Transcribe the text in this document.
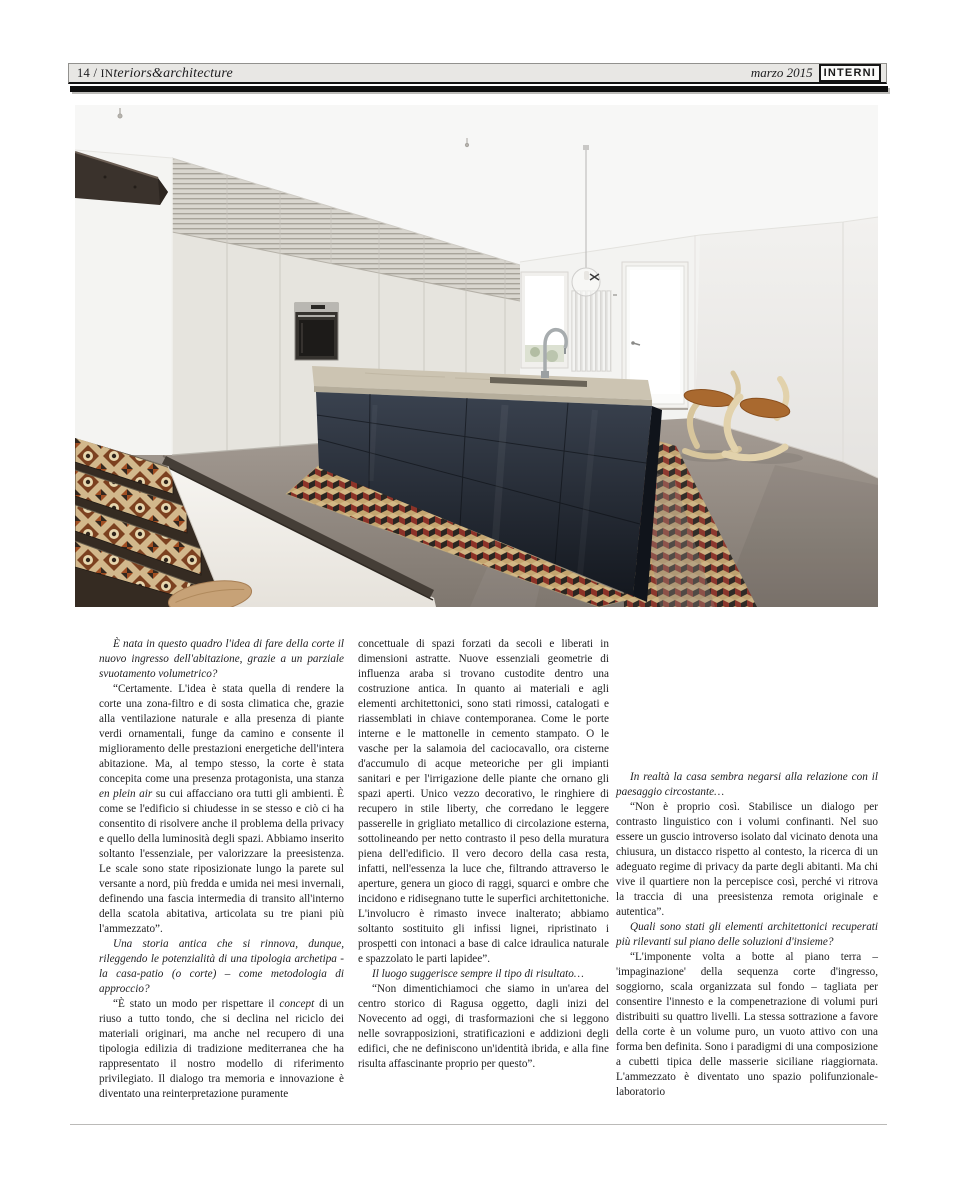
14 / INteriors&architecture	marzo 2015	INTERNI

È nata in questo quadro l'idea di fare della corte il nuovo ingresso dell'abitazione, grazie a un parziale svuotamento volumetrico?

“Certamente. L'idea è stata quella di rendere la corte una zona-filtro e di sosta climatica che, grazie alla ventilazione naturale e alla presenza di piante verdi ornamentali, funge da camino e consente il miglioramento delle prestazioni energetiche dell'intera abitazione. Ma, al tempo stesso, la corte è stata concepita come una presenza protagonista, una stanza en plein air su cui affacciano ora tutti gli ambienti. È come se l'edificio si chiudesse in se stesso e ciò ci ha consentito di risolvere anche il problema della privacy e quello della luminosità degli spazi. Abbiamo inserito soltanto l'essenziale, per valorizzare la preesistenza. Le scale sono state riposizionate lungo la parete sul versante a nord, più fredda e umida nei mesi invernali, definendo una fascia intermedia di transito all'interno della scatola abitativa, articolata su tre piani più l'ammezzato”.

Una storia antica che si rinnova, dunque, rileggendo le potenzialità di una tipologia archetipa - la casa-patio (o corte) – come metodologia di approccio?

“È stato un modo per rispettare il concept di un riuso a tutto tondo, che si declina nel riciclo dei materiali originari, ma anche nel recupero di una tipologia edilizia di tradizione mediterranea che ha rappresentato il nostro modello di riferimento privilegiato. Il dialogo tra memoria e innovazione è diventato una reinterpretazione puramente

concettuale di spazi forzati da secoli e liberati in dimensioni astratte. Nuove essenziali geometrie di influenza araba si trovano custodite dentro una costruzione antica. In quanto ai materiali e agli elementi architettonici, sono stati rimossi, catalogati e riassemblati in chiave contemporanea. Come le porte interne e le mattonelle in cemento stampato. O le vasche per la salamoia del caciocavallo, ora cisterne d'accumulo di acque meteoriche per gli impianti sanitari e per l'irrigazione delle piante che ornano gli spazi aperti. Unico vezzo decorativo, le ringhiere di recupero in stile liberty, che corredano le leggere passerelle in grigliato metallico di circolazione esterna, sottolineando per netto contrasto il peso della muratura piena dell'edificio. Il vero decoro della casa resta, infatti, nell'essenza la luce che, filtrando attraverso le aperture, genera un gioco di raggi, squarci e ombre che incidono e ridisegnano tutte le superfici architettoniche. L'involucro è rimasto invece inalterato; abbiamo soltanto sostituito gli infissi lignei, ripristinato i prospetti con intonaci a base di calce idraulica naturale e spazzolato le parti lapidee”.

Il luogo suggerisce sempre il tipo di risultato…

“Non dimentichiamoci che siamo in un'area del centro storico di Ragusa oggetto, dagli inizi del Novecento ad oggi, di trasformazioni che si leggono nelle sovrapposizioni, stratificazioni e addizioni degli edifici, che ne definiscono un'identità ibrida, e alla fine risulta affascinante proprio per questo”.

In realtà la casa sembra negarsi alla relazione con il paesaggio circostante…

“Non è proprio così. Stabilisce un dialogo per contrasto linguistico con i volumi confinanti. Nel suo essere un guscio introverso isolato dal vicinato denota una chiusura, un distacco rispetto al contesto, la ricerca di un adeguato regime di privacy da parte degli abitanti. Ma chi vive il quartiere non la percepisce così, perché vi ritrova la traccia di una preesistenza remota originale e autentica”.

Quali sono stati gli elementi architettonici recuperati più rilevanti sul piano delle soluzioni d'insieme?

“L'imponente volta a botte al piano terra – 'impaginazione' della sequenza corte d'ingresso, soggiorno, scala organizzata sul fondo – tagliata per consentire l'innesto e la compenetrazione di volumi puri distribuiti su quattro livelli. La stessa sottrazione a favore della corte è un volume puro, un vuoto attivo con una forma ben definita. Sono i paradigmi di una composizione a cubetti tipica delle masserie siciliane riaggiornata. L'ammezzato è diventato uno spazio polifunzionale-laboratorio
